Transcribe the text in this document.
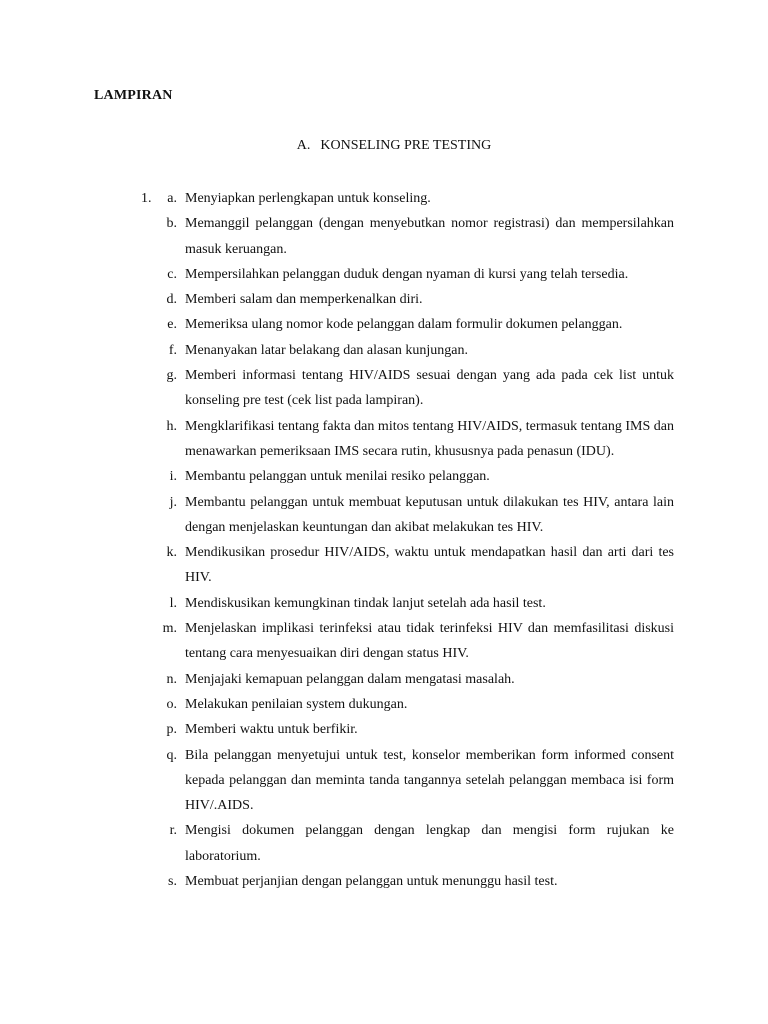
LAMPIRAN
A. KONSELING PRE TESTING
1.	a. Menyiapkan perlengkapan untuk konseling.
b. Memanggil pelanggan (dengan menyebutkan nomor registrasi) dan mempersilahkan masuk keruangan.
c. Mempersilahkan pelanggan duduk dengan nyaman di kursi yang telah tersedia.
d. Memberi salam dan memperkenalkan diri.
e. Memeriksa ulang nomor kode pelanggan dalam formulir dokumen pelanggan.
f. Menanyakan latar belakang dan alasan kunjungan.
g. Memberi informasi tentang HIV/AIDS sesuai dengan yang ada pada cek list untuk konseling pre test (cek list pada lampiran).
h. Mengklarifikasi tentang fakta dan mitos tentang HIV/AIDS, termasuk tentang IMS dan menawarkan pemeriksaan IMS secara rutin, khususnya pada penasun (IDU).
i. Membantu pelanggan untuk menilai resiko pelanggan.
j. Membantu pelanggan untuk membuat keputusan untuk dilakukan tes HIV, antara lain dengan menjelaskan keuntungan dan akibat melakukan tes HIV.
k. Mendikusikan prosedur HIV/AIDS, waktu untuk mendapatkan hasil dan arti dari tes HIV.
l. Mendiskusikan kemungkinan tindak lanjut setelah ada hasil test.
m. Menjelaskan implikasi terinfeksi atau tidak terinfeksi HIV dan memfasilitasi diskusi tentang cara menyesuaikan diri dengan status HIV.
n. Menjajaki kemapuan pelanggan dalam mengatasi masalah.
o. Melakukan penilaian system dukungan.
p. Memberi waktu untuk berfikir.
q. Bila pelanggan menyetujui untuk test, konselor memberikan form informed consent kepada pelanggan dan meminta tanda tangannya setelah pelanggan membaca isi form HIV/.AIDS.
r. Mengisi dokumen pelanggan dengan lengkap dan mengisi form rujukan ke laboratorium.
s. Membuat perjanjian dengan pelanggan untuk menunggu hasil test.
